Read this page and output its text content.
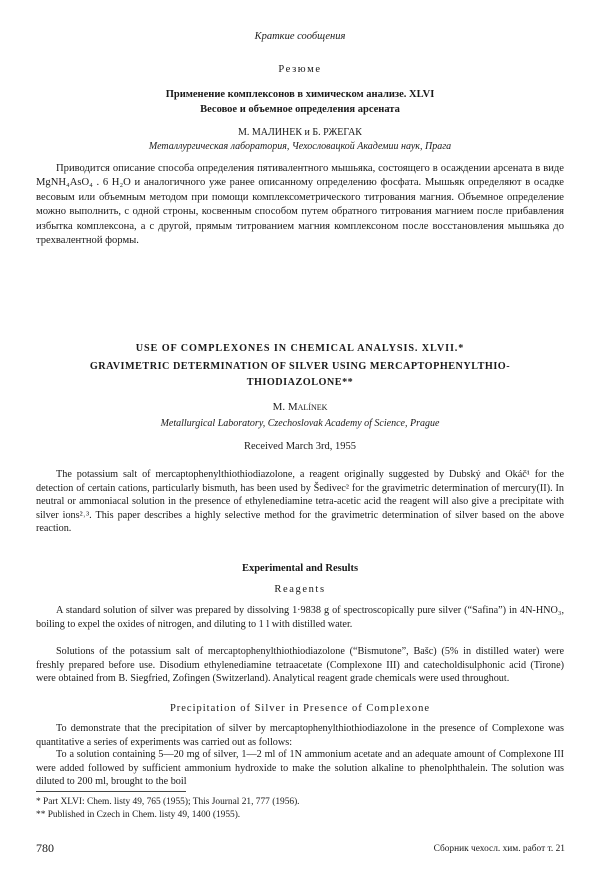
Краткие сообщения
Резюме
Применение комплексонов в химическом анализе. XLVI
Весовое и объемное определения арсената
М. МАЛИНЕК и Б. РЖЕГАК
Металлургическая лаборатория, Чехословацкой Академии наук, Прага

Приводится описание способа определения пятивалентного мышьяка, состоящего в осаждении арсената в виде MgNH₄AsO₄ . 6 H₂O и аналогичного уже ранее описанному определению фосфата. Мышьяк определяют в осадке весовым или объемным методом при помощи комплексометрического титрования магния. Объемное определение можно выполнить, с одной строны, косвенным способом путем обратного титрования магнием после прибавления избытка комплексона, а с другой, прямым титрованием магния комплексоном после восстановления мышьяка до трехвалентной формы.

USE OF COMPLEXONES IN CHEMICAL ANALYSIS. XLVII.*
GRAVIMETRIC DETERMINATION OF SILVER USING MERCAPTOPHENYLTHIO-
THIODIAZOLONE**
M. Malínek
Metallurgical Laboratory, Czechoslovak Academy of Science, Prague
Received March 3rd, 1955

The potassium salt of mercaptophenylthiothiodiazolone, a reagent originally suggested by Dubský and Okáč¹ for the detection of certain cations, particularly bismuth, has been used by Šedivec² for the gravimetric determination of mercury(II). In neutral or ammoniacal solution in the presence of ethylenediamine tetra-acetic acid the reagent will also give a precipitate with silver ions²˒³. This paper describes a highly selective method for the gravimetric determination of silver based on the above reaction.

Experimental and Results
Reagents

A standard solution of silver was prepared by dissolving 1·9838 g of spectroscopically pure silver (“Safina”) in 4N-HNO₃, boiling to expel the oxides of nitrogen, and diluting to 1 l with distilled water.

Solutions of the potassium salt of mercaptophenylthiothiodiazolone (“Bismutone”, Bašc) (5% in distilled water) were freshly prepared before use. Disodium ethylenediamine tetraacetate (Complexone III) and catecholdisulphonic acid (Tirone) were obtained from B. Siegfried, Zofingen (Switzerland). Analytical reagent grade chemicals were used throughout.

Precipitation of Silver in Presence of Complexone

To demonstrate that the precipitation of silver by mercaptophenylthiothiodiazolone in the presence of Complexone was quantitative a series of experiments was carried out as follows:

To a solution containing 5—20 mg of silver, 1—2 ml of 1N ammonium acetate and an adequate amount of Complexone III were added followed by sufficient ammonium hydroxide to make the solution alkaline to phenolphthalein. The solution was diluted to 200 ml, brought to the boil

* Part XLVI: Chem. listy 49, 765 (1955); This Journal 21, 777 (1956).
** Published in Czech in Chem. listy 49, 1400 (1955).
780	Сборник чехосл. хим. работ т. 21
